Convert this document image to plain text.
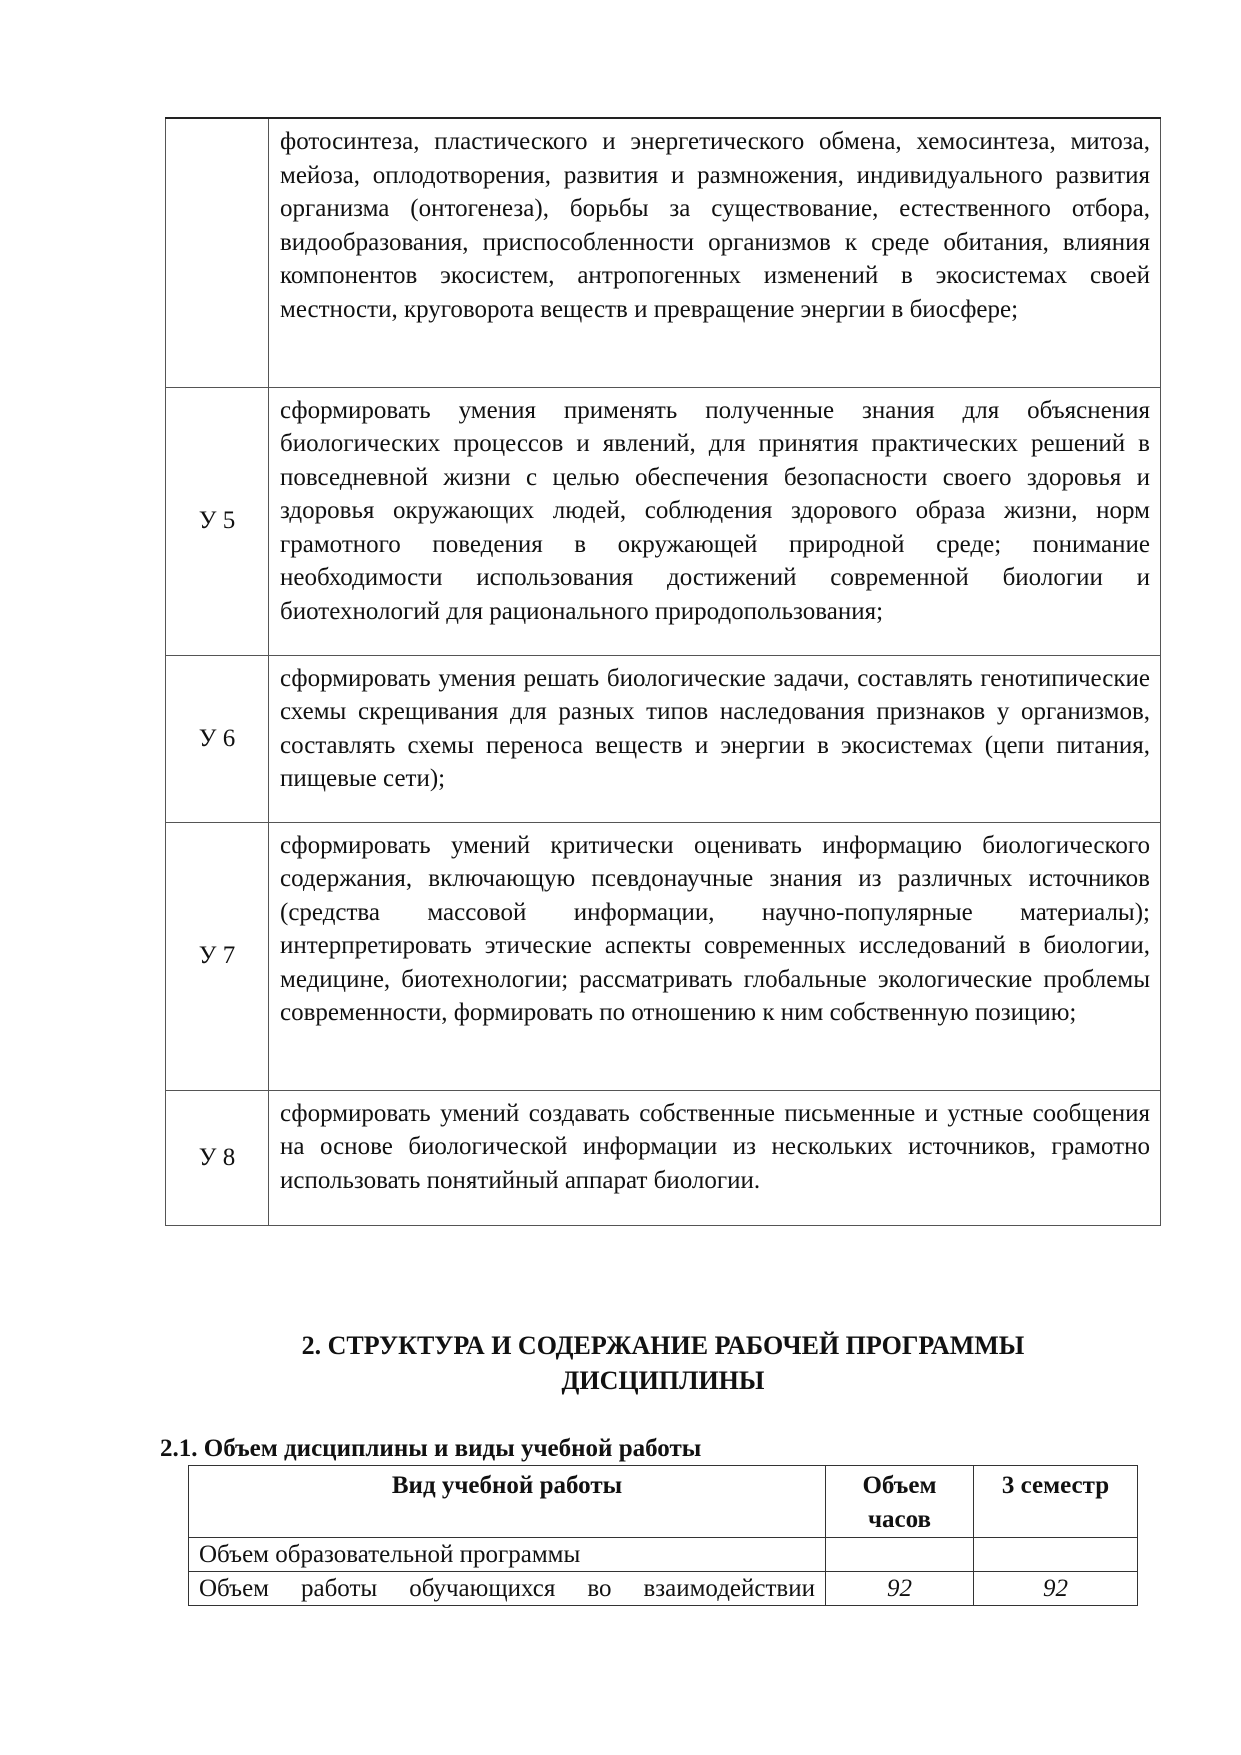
	фотосинтеза, пластического и энергетического обмена, хемосинтеза, митоза, мейоза, оплодотворения, развития и размножения, индивидуального развития организма (онтогенеза), борьбы за существование, естественного отбора, видообразования, приспособленности организмов к среде обитания, влияния компонентов экосистем, антропогенных изменений в экосистемах своей местности, круговорота веществ и превращение энергии в биосфере;
У 5	сформировать умения применять полученные знания для объяснения биологических процессов и явлений, для принятия практических решений в повседневной жизни с целью обеспечения безопасности своего здоровья и здоровья окружающих людей, соблюдения здорового образа жизни, норм грамотного поведения в окружающей природной среде; понимание необходимости использования достижений современной биологии и биотехнологий для рационального природопользования;
У 6	сформировать умения решать биологические задачи, составлять генотипические схемы скрещивания для разных типов наследования признаков у организмов, составлять схемы переноса веществ и энергии в экосистемах (цепи питания, пищевые сети);
У 7	сформировать умений критически оценивать информацию биологического содержания, включающую псевдонаучные знания из различных источников (средства массовой информации, научно-популярные материалы); интерпретировать этические аспекты современных исследований в биологии, медицине, биотехнологии; рассматривать глобальные экологические проблемы современности, формировать по отношению к ним собственную позицию;
У 8	сформировать умений создавать собственные письменные и устные сообщения на основе биологической информации из нескольких источников, грамотно использовать понятийный аппарат биологии.
2. СТРУКТУРА И СОДЕРЖАНИЕ РАБОЧЕЙ ПРОГРАММЫ
ДИСЦИПЛИНЫ
2.1. Объем дисциплины и виды учебной работы
Вид учебной работы	Объем часов	3 семестр
Объем образовательной программы		
Объем работы обучающихся во взаимодействии	92	92
